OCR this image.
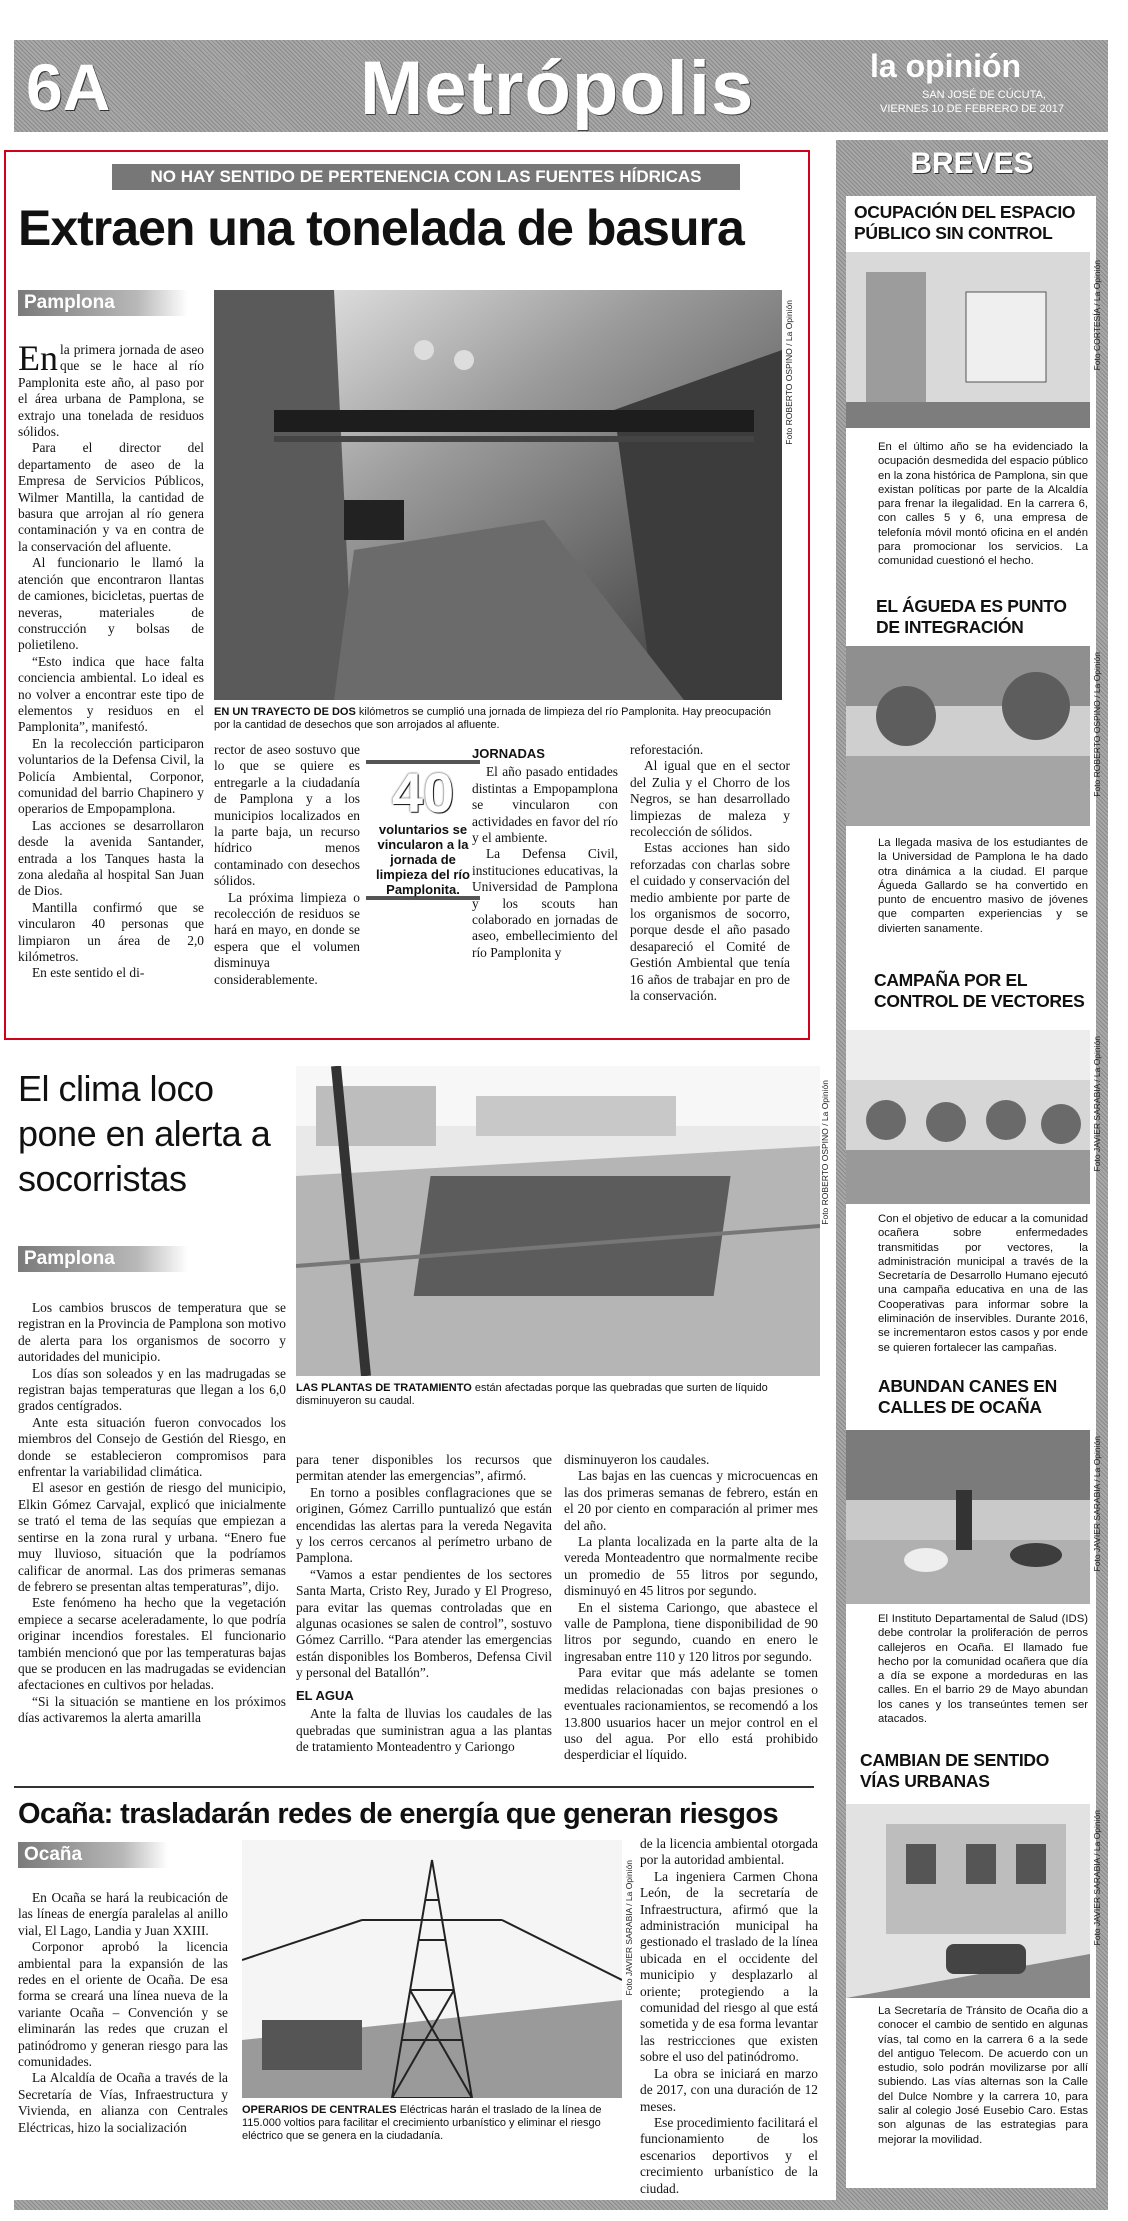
6A	Metrópolis	la opinión
SAN JOSÉ DE CÚCUTA,
VIERNES 10 DE FEBRERO DE 2017
NO HAY SENTIDO DE PERTENENCIA CON LAS FUENTES HÍDRICAS
Extraen una tonelada de basura
Pamplona	Foto ROBERTO OSPINO / La Opinión
EN UN TRAYECTO DE DOS kilómetros se cumplió una jornada de limpieza del río Pamplonita. Hay preocupación por la cantidad de desechos que son arrojados al afluente.

En la primera jornada de aseo que se le hace al río Pamplonita este año, al paso por el área urbana de Pamplona, se extrajo una tonelada de residuos sólidos.

Para el director del departamento de aseo de la Empresa de Servicios Públicos, Wilmer Mantilla, la cantidad de basura que arrojan al río genera contaminación y va en contra de la conservación del afluente.

Al funcionario le llamó la atención que encontraron llantas de camiones, bicicletas, puertas de neveras, materiales de construcción y bolsas de polietileno.

“Esto indica que hace falta conciencia ambiental. Lo ideal es no volver a encontrar este tipo de elementos y residuos en el Pamplonita”, manifestó.

En la recolección participaron voluntarios de la Defensa Civil, la Policía Ambiental, Corponor, comunidad del barrio Chapinero y operarios de Empopamplona.

Las acciones se desarrollaron desde la avenida Santander, entrada a los Tanques hasta la zona aledaña al hospital San Juan de Dios.

Mantilla confirmó que se vincularon 40 personas que limpiaron un área de 2,0 kilómetros.

En este sentido el di-

rector de aseo sostuvo que lo que se quiere es entregarle a la ciudadanía de Pamplona y a los municipios localizados en la parte baja, un recurso hídrico menos contaminado con desechos sólidos.

La próxima limpieza o recolección de residuos se hará en mayo, en donde se espera que el volumen disminuya considerablemente.

40
voluntarios se vincularon a la jornada de limpieza del río Pamplonita.
JORNADAS

El año pasado entidades distintas a Empopamplona se vincularon con actividades en favor del río y el ambiente.

La Defensa Civil, instituciones educativas, la Universidad de Pamplona y los scouts han colaborado en jornadas de aseo, embellecimiento del río Pamplonita y

reforestación.

Al igual que en el sector del Zulia y el Chorro de los Negros, se han desarrollado limpiezas de maleza y recolección de sólidos.

Estas acciones han sido reforzadas con charlas sobre el cuidado y conservación del medio ambiente por parte de los organismos de socorro, porque desde el año pasado desapareció el Comité de Gestión Ambiental que tenía 16 años de trabajar en pro de la conservación.

El clima loco pone en alerta a socorristas	Foto ROBERTO OSPINO / La Opinión
LAS PLANTAS DE TRATAMIENTO están afectadas porque las quebradas que surten de líquido disminuyeron su caudal.
Pamplona

Los cambios bruscos de temperatura que se registran en la Provincia de Pamplona son motivo de alerta para los organismos de socorro y autoridades del municipio.

Los días son soleados y en las madrugadas se registran bajas temperaturas que llegan a los 6,0 grados centígrados.

Ante esta situación fueron convocados los miembros del Consejo de Gestión del Riesgo, en donde se establecieron compromisos para enfrentar la variabilidad climática.

El asesor en gestión de riesgo del municipio, Elkin Gómez Carvajal, explicó que inicialmente se trató el tema de las sequías que empiezan a sentirse en la zona rural y urbana. “Enero fue muy lluvioso, situación que la podríamos calificar de anormal. Las dos primeras semanas de febrero se presentan altas temperaturas”, dijo.

Este fenómeno ha hecho que la vegetación empiece a secarse aceleradamente, lo que podría originar incendios forestales. El funcionario también mencionó que por las temperaturas bajas que se producen en las madrugadas se evidencian afectaciones en cultivos por heladas.

“Si la situación se mantiene en los próximos días activaremos la alerta amarilla

para tener disponibles los recursos que permitan atender las emergencias”, afirmó.

En torno a posibles conflagraciones que se originen, Gómez Carrillo puntualizó que están encendidas las alertas para la vereda Negavita y los cerros cercanos al perímetro urbano de Pamplona.

“Vamos a estar pendientes de los sectores Santa Marta, Cristo Rey, Jurado y El Progreso, para evitar las quemas controladas que en algunas ocasiones se salen de control”, sostuvo Gómez Carrillo. “Para atender las emergencias están disponibles los Bomberos, Defensa Civil y personal del Batallón”.

EL AGUA

Ante la falta de lluvias los caudales de las quebradas que suministran agua a las plantas de tratamiento Monteadentro y Cariongo

disminuyeron los caudales.

Las bajas en las cuencas y microcuencas en las dos primeras semanas de febrero, están en el 20 por ciento en comparación al primer mes del año.

La planta localizada en la parte alta de la vereda Monteadentro que normalmente recibe un promedio de 55 litros por segundo, disminuyó en 45 litros por segundo.

En el sistema Cariongo, que abastece el valle de Pamplona, tiene disponibilidad de 90 litros por segundo, cuando en enero le ingresaban entre 110 y 120 litros por segundo.

Para evitar que más adelante se tomen medidas relacionadas con bajas presiones o eventuales racionamientos, se recomendó a los 13.800 usuarios hacer un mejor control en el uso del agua. Por ello está prohibido desperdiciar el líquido.

Ocaña: trasladarán redes de energía que generan riesgos
Ocaña

En Ocaña se hará la reubicación de las líneas de energía paralelas al anillo vial, El Lago, Landia y Juan XXIII.

Corponor aprobó la licencia ambiental para la expansión de las redes en el oriente de Ocaña. De esa forma se creará una línea nueva de la variante Ocaña – Convención y se eliminarán las redes que cruzan el patinódromo y generan riesgo para las comunidades.

La Alcaldía de Ocaña a través de la Secretaría de Vías, Infraestructura y Vivienda, en alianza con Centrales Eléctricas, hizo la socialización

Foto JAVIER SARABIA / La Opinión
OPERARIOS DE CENTRALES Eléctricas harán el traslado de la línea de 115.000 voltios para facilitar el crecimiento urbanístico y eliminar el riesgo eléctrico que se genera en la ciudadanía.

de la licencia ambiental otorgada por la autoridad ambiental.

La ingeniera Carmen Chona León, de la secretaría de Infraestructura, afirmó que la administración municipal ha gestionado el traslado de la línea ubicada en el occidente del municipio y desplazarlo al oriente; protegiendo a la comunidad del riesgo al que está sometida y de esa forma levantar las restricciones que existen sobre el uso del patinódromo.

La obra se iniciará en marzo de 2017, con una duración de 12 meses.

Ese procedimiento facilitará el funcionamiento de los escenarios deportivos y el crecimiento urbanístico de la ciudad.

BREVES
OCUPACIÓN DEL ESPACIO PÚBLICO SIN CONTROL
Foto CORTESÍA / La Opinión
En el último año se ha evidenciado la ocupación desmedida del espacio público en la zona histórica de Pamplona, sin que existan políticas por parte de la Alcaldía para frenar la ilegalidad. En la carrera 6, con calles 5 y 6, una empresa de telefonía móvil montó oficina en el andén para promocionar los servicios. La comunidad cuestionó el hecho.
EL ÁGUEDA ES PUNTO DE INTEGRACIÓN
Foto ROBERTO OSPINO / La Opinión
La llegada masiva de los estudiantes de la Universidad de Pamplona le ha dado otra dinámica a la ciudad. El parque Águeda Gallardo se ha convertido en punto de encuentro masivo de jóvenes que comparten experiencias y se divierten sanamente.
CAMPAÑA POR EL CONTROL DE VECTORES
Foto JAVIER SARABIA / La Opinión
Con el objetivo de educar a la comunidad ocañera sobre enfermedades transmitidas por vectores, la administración municipal a través de la Secretaría de Desarrollo Humano ejecutó una campaña educativa en una de las Cooperativas para informar sobre la eliminación de inservibles. Durante 2016, se incrementaron estos casos y por ende se quieren fortalecer las campañas.
ABUNDAN CANES EN CALLES DE OCAÑA
Foto JAVIER SARABIA / La Opinión
El Instituto Departamental de Salud (IDS) debe controlar la proliferación de perros callejeros en Ocaña. El llamado fue hecho por la comunidad ocañera que día a día se expone a mordeduras en las calles. En el barrio 29 de Mayo abundan los canes y los transeúntes temen ser atacados.
CAMBIAN DE SENTIDO VÍAS URBANAS
Foto JAVIER SARABIA / La Opinión
La Secretaría de Tránsito de Ocaña dio a conocer el cambio de sentido en algunas vías, tal como en la carrera 6 a la sede del antiguo Telecom. De acuerdo con un estudio, solo podrán movilizarse por allí subiendo. Las vías alternas son la Calle del Dulce Nombre y la carrera 10, para salir al colegio José Eusebio Caro. Estas son algunas de las estrategias para mejorar la movilidad.
